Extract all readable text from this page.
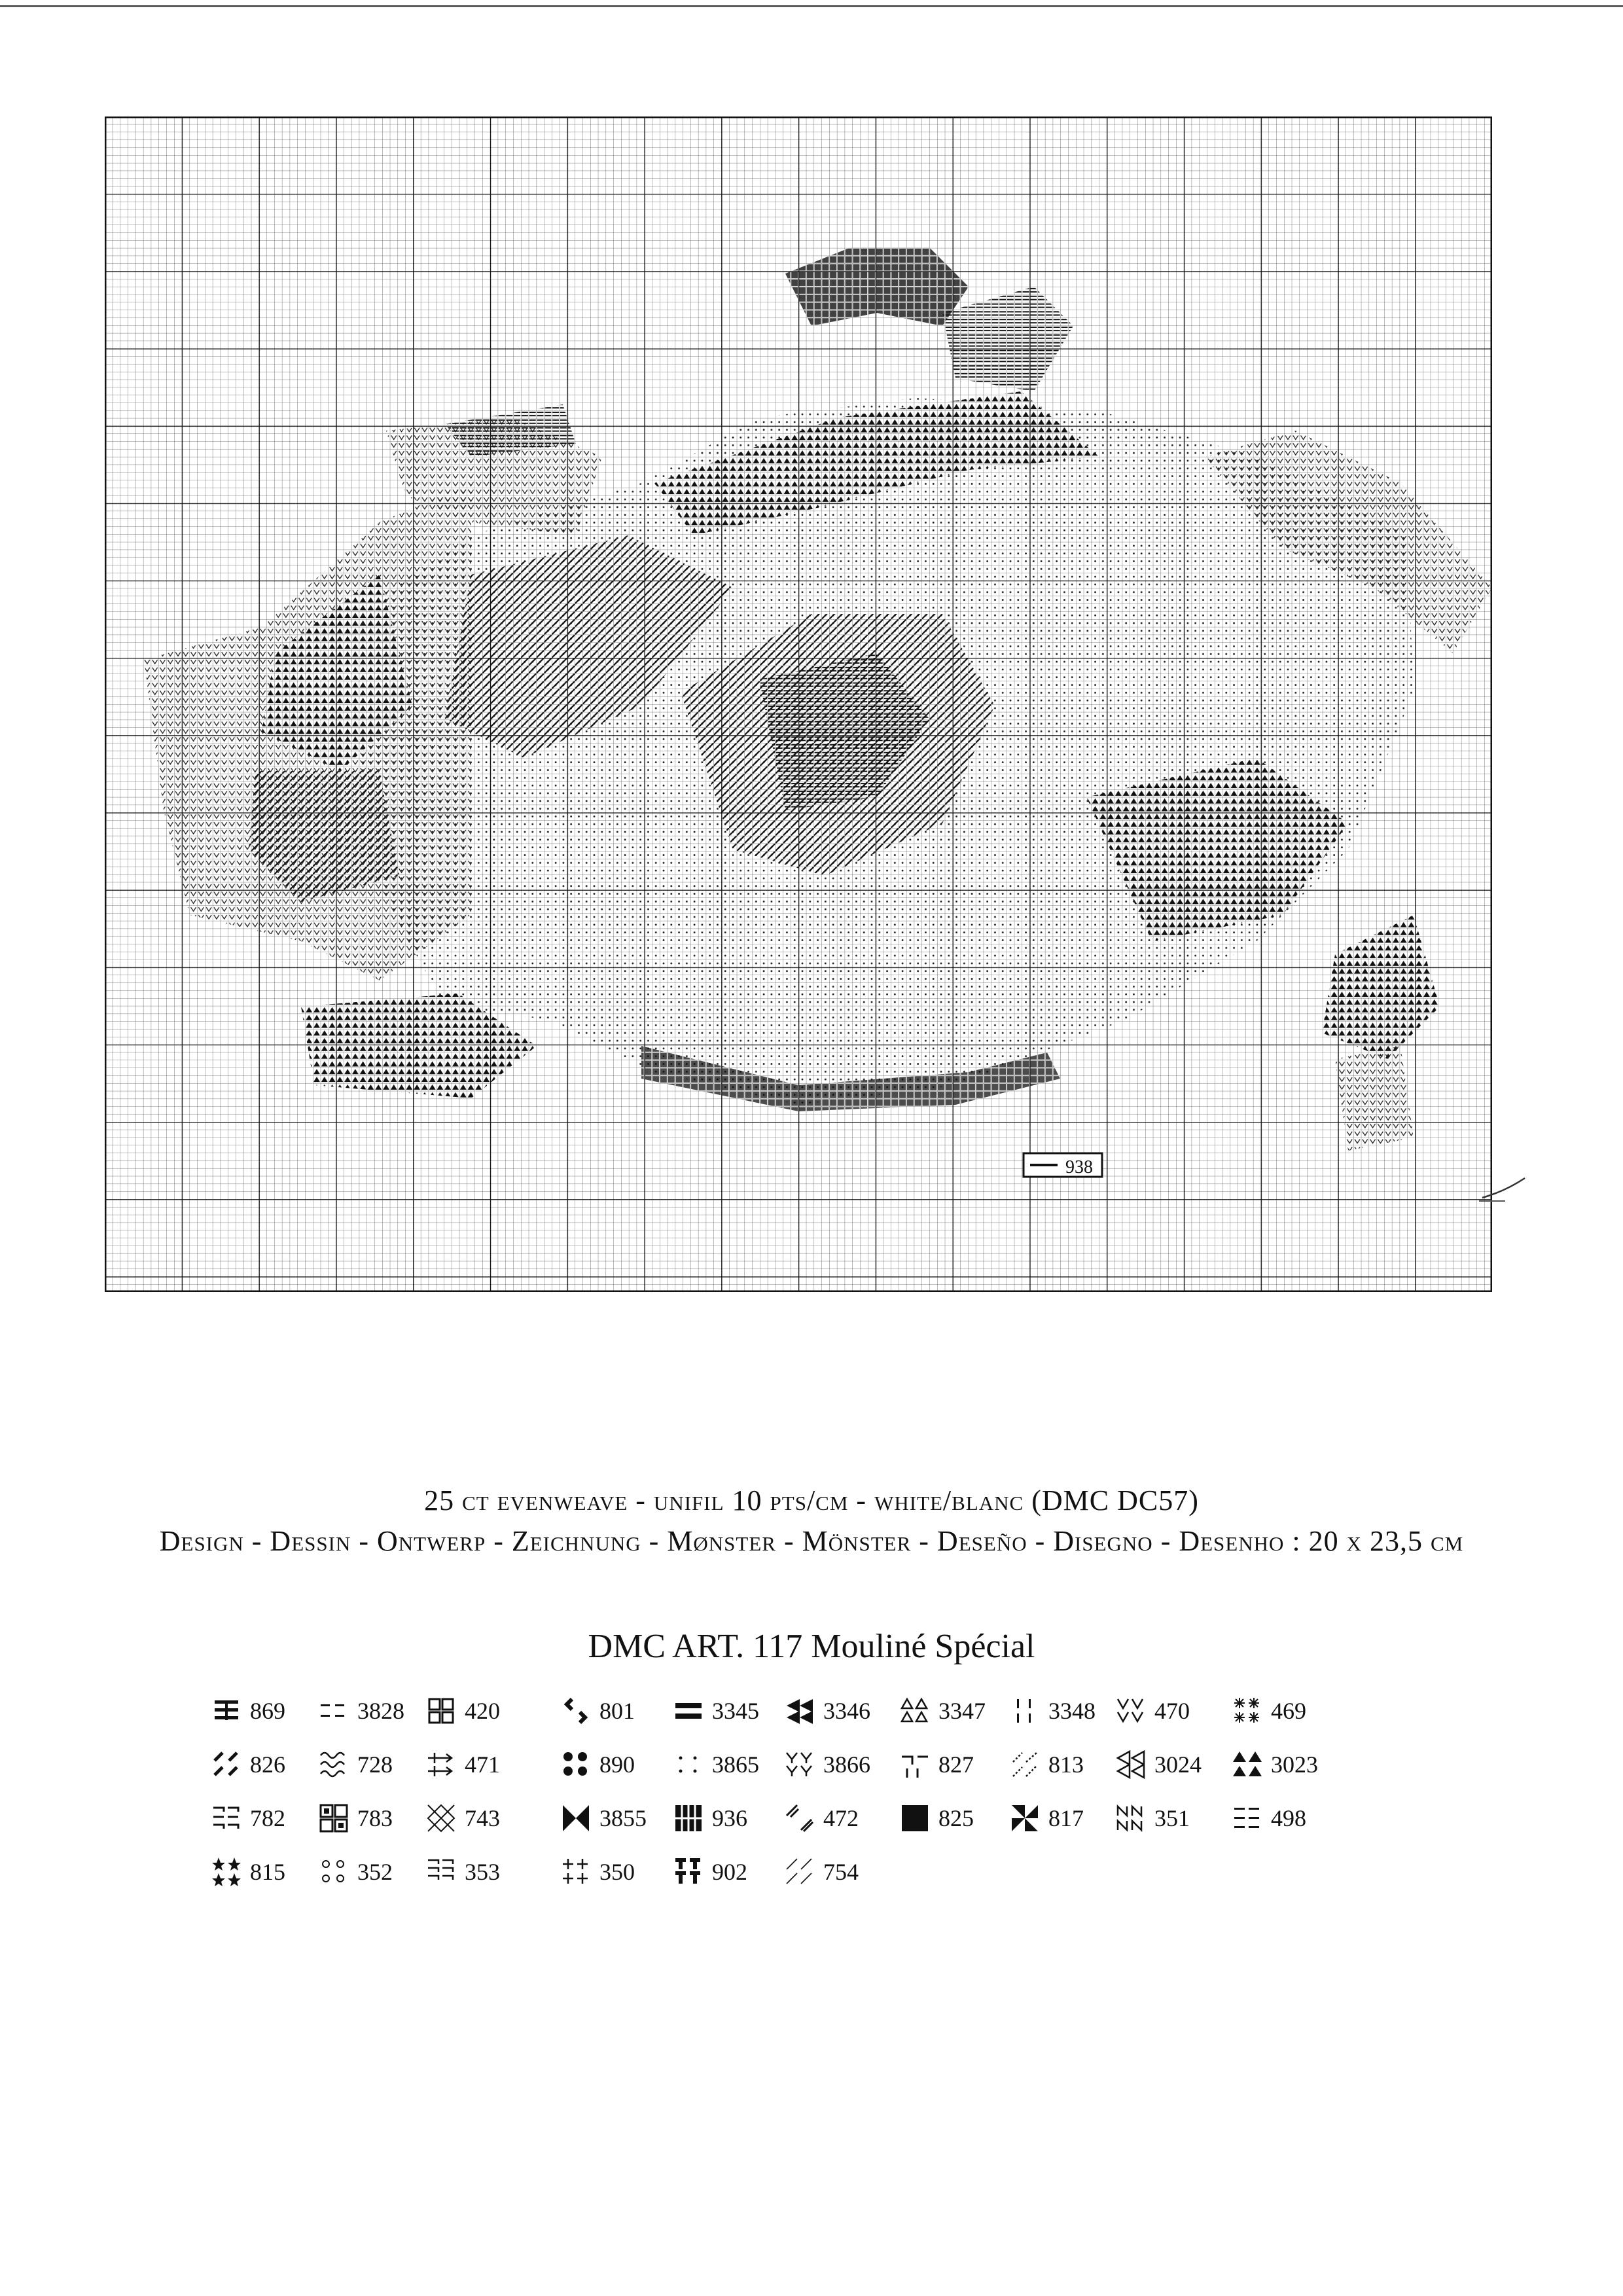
938
25 ct evenweave - unifil 10 pts/cm - white/blanc (DMC DC57)
Design - Dessin - Ontwerp - Zeichnung - Mønster - Mönster - Deseño - Disegno - Desenho : 20 x 23,5 cm
DMC ART. 117 Mouliné Spécial
869	3828	420	801	3345	3346	3347	3348	470	469
826	728	471	890	3865	3866	827	813	3024	3023
782	783	743	3855	936	472	825	817	351	498
815	352	353	350	902	754
